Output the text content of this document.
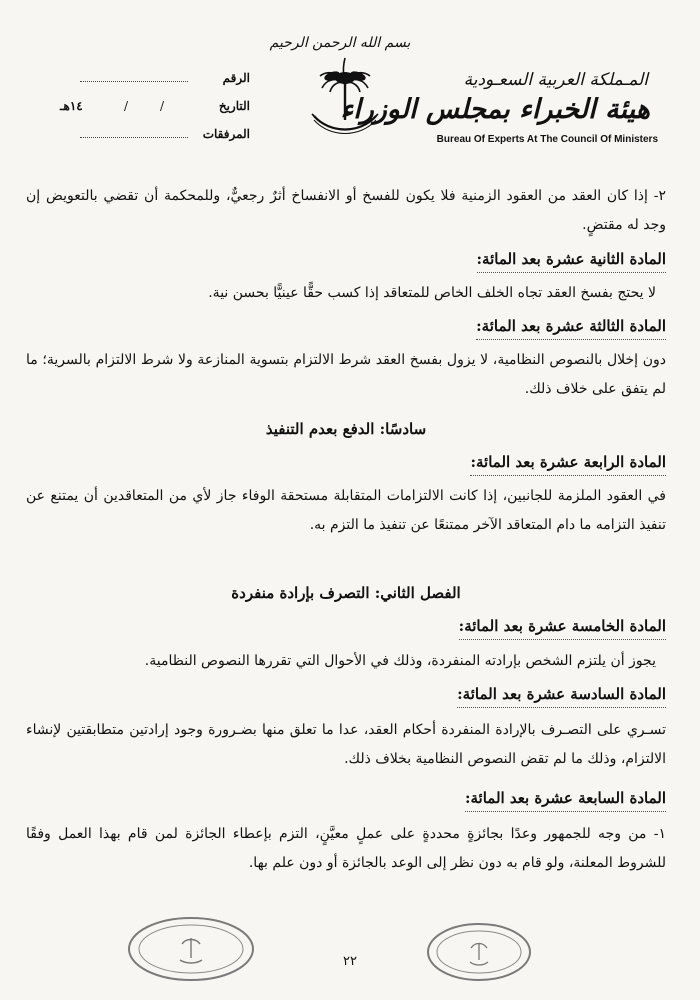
بسم الله الرحمن الرحيم
الرقم
التاريخ
/
/
١٤هـ
المرفقات
المـملكة العربية السعـودية
هيئة الخبراء بمجلس الوزراء
Bureau Of Experts At The Council Of Ministers
٢- إذا كان العقد من العقود الزمنية فلا يكون للفسخ أو الانفساخ أثرٌ رجعيٌّ، وللمحكمة أن تقضي بالتعويض إن وجد له مقتضٍ.
المادة الثانية عشرة بعد المائة:
لا يحتج بفسخ العقد تجاه الخلف الخاص للمتعاقد إذا كسب حقًّا عينيًّا بحسن نية.
المادة الثالثة عشرة بعد المائة:
دون إخلال بالنصوص النظامية، لا يزول بفسخ العقد شرط الالتزام بتسوية المنازعة ولا شرط الالتزام بالسرية؛ ما لم يتفق على خلاف ذلك.
سادسًا: الدفع بعدم التنفيذ
المادة الرابعة عشرة بعد المائة:
في العقود الملزمة للجانبين، إذا كانت الالتزامات المتقابلة مستحقة الوفاء جاز لأي من المتعاقدين أن يمتنع عن تنفيذ التزامه ما دام المتعاقد الآخر ممتنعًا عن تنفيذ ما التزم به.
الفصل الثاني: التصرف بإرادة منفردة
المادة الخامسة عشرة بعد المائة:
يجوز أن يلتزم الشخص بإرادته المنفردة، وذلك في الأحوال التي تقررها النصوص النظامية.
المادة السادسة عشرة بعد المائة:
تسـري على التصـرف بالإرادة المنفردة أحكام العقد، عدا ما تعلق منها بضـرورة وجود إرادتين متطابقتين لإنشاء الالتزام، وذلك ما لم تقض النصوص النظامية بخلاف ذلك.
المادة السابعة عشرة بعد المائة:
١- من وجه للجمهور وعدًا بجائزةٍ محددةٍ على عملٍ معيَّنٍ، التزم بإعطاء الجائزة لمن قام بهذا العمل وفقًا للشروط المعلنة، ولو قام به دون نظر إلى الوعد بالجائزة أو دون علم بها.
٢٢
